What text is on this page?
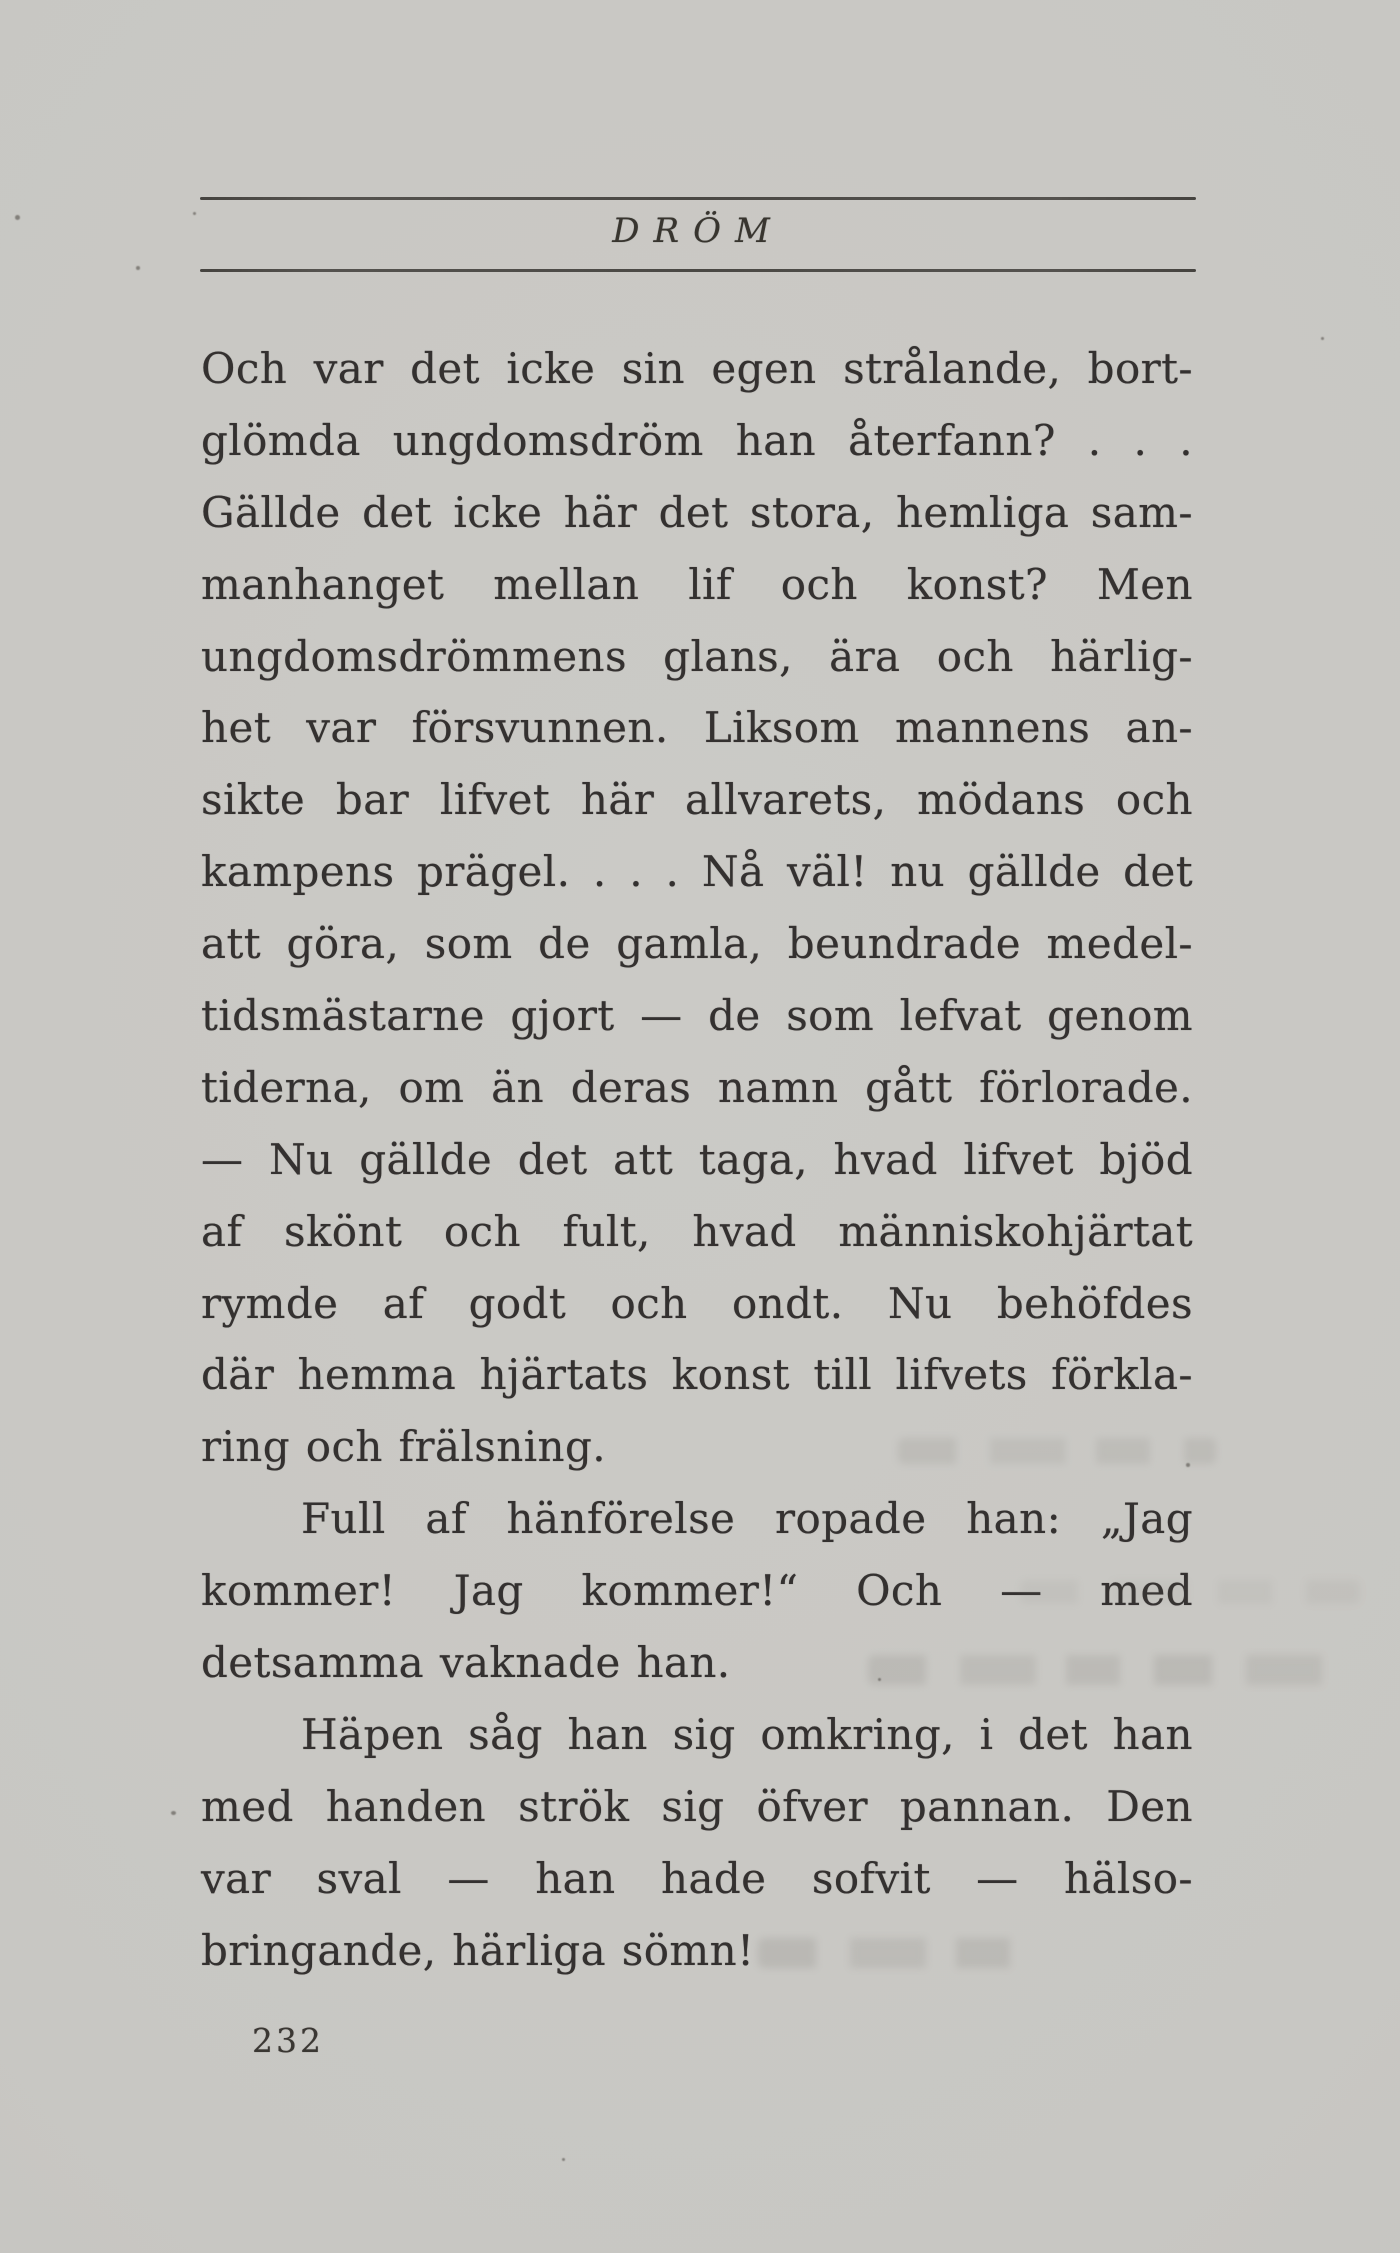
DRÖM
Och var det icke sin egen strålande, bort-
glömda ungdomsdröm han återfann? . . .
Gällde det icke här det stora, hemliga sam-
manhanget mellan lif och konst? Men
ungdomsdrömmens glans, ära och härlig-
het var försvunnen. Liksom mannens an-
sikte bar lifvet här allvarets, mödans och
kampens prägel. . . . Nå väl! nu gällde det
att göra, som de gamla, beundrade medel-
tidsmästarne gjort — de som lefvat genom
tiderna, om än deras namn gått förlorade.
— Nu gällde det att taga, hvad lifvet bjöd
af skönt och fult, hvad människohjärtat
rymde af godt och ondt. Nu behöfdes
där hemma hjärtats konst till lifvets förkla-
ring och frälsning.
Full af hänförelse ropade han: „Jag
kommer! Jag kommer!“ Och — med
detsamma vaknade han.
Häpen såg han sig omkring, i det han
med handen strök sig öfver pannan. Den
var sval — han hade sofvit — hälso-
bringande, härliga sömn!
232
